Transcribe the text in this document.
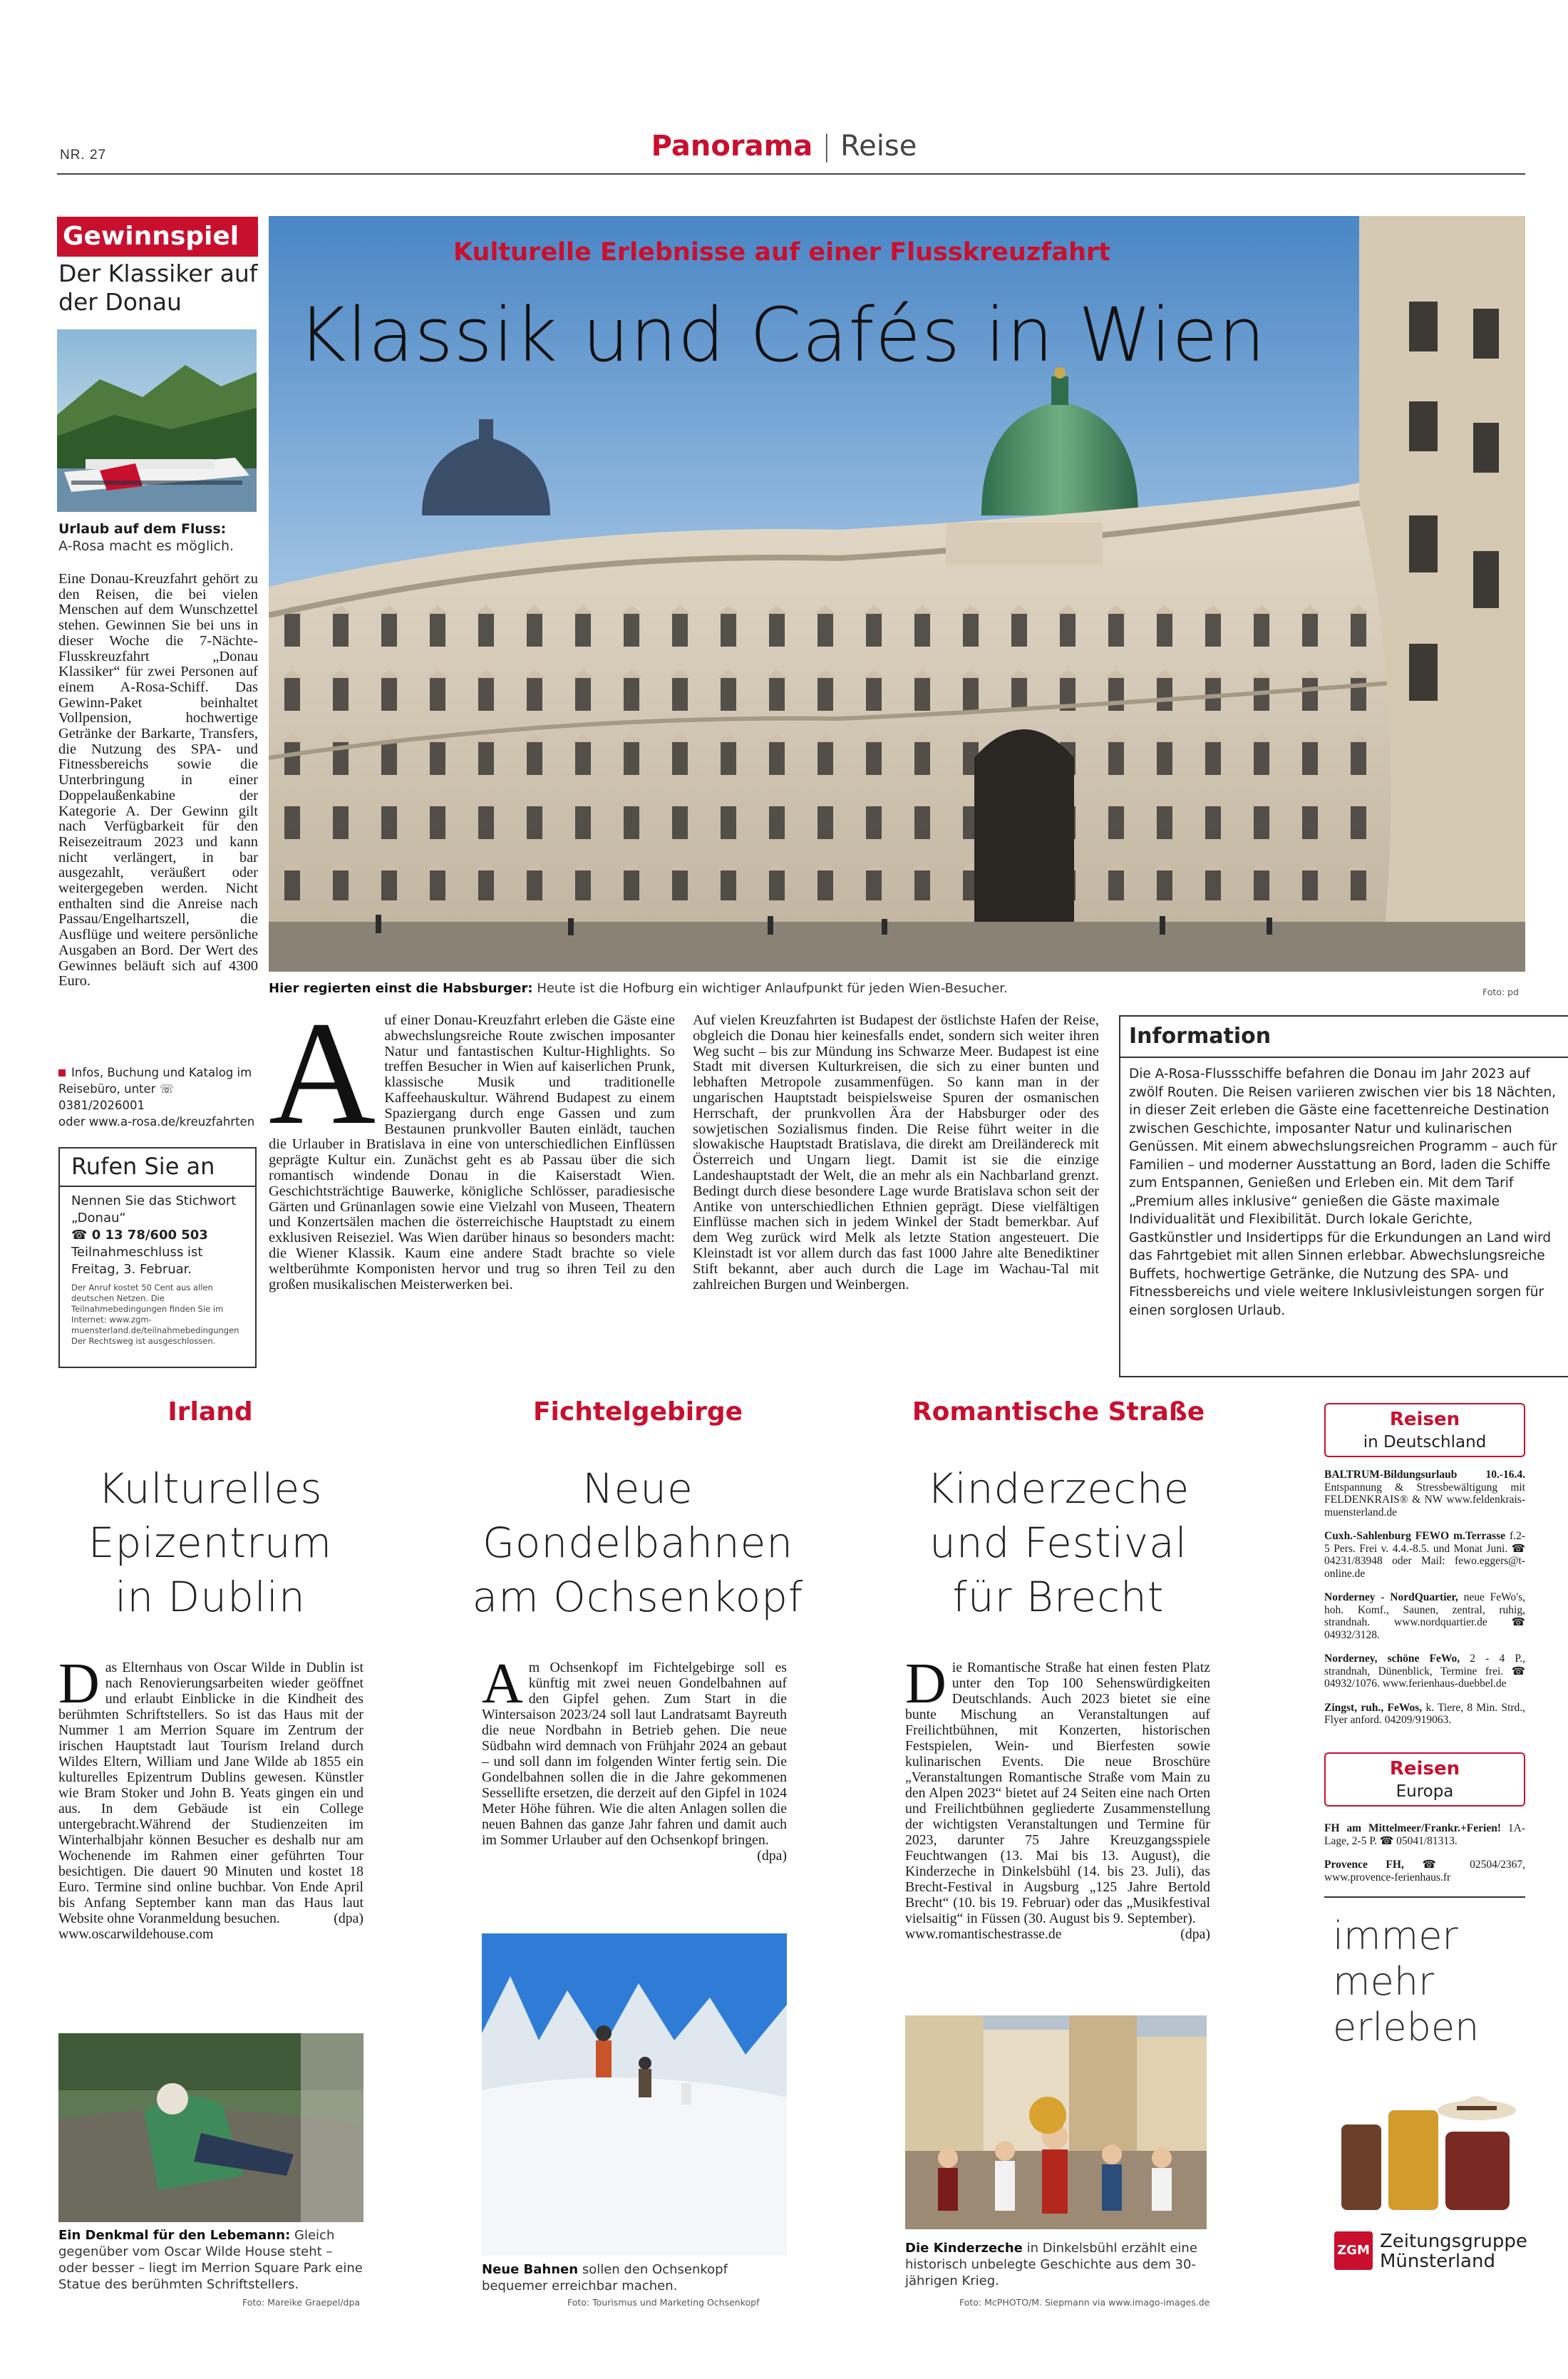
NR. 27	Panorama | Reise
Gewinnspiel
Der Klassiker auf der Donau
Urlaub auf dem Fluss:
A-Rosa macht es möglich.
Eine Donau-Kreuzfahrt gehört zu den Reisen, die bei vielen Menschen auf dem Wunschzettel stehen. Gewinnen Sie bei uns in dieser Woche die 7-Nächte-Flusskreuzfahrt „Donau Klassiker“ für zwei Personen auf einem A-Rosa-Schiff. Das Gewinn-Paket beinhaltet Vollpension, hochwertige Getränke der Barkarte, Transfers, die Nutzung des SPA- und Fitnessbereichs sowie die Unterbringung in einer Doppelaußenkabine der Kategorie A. Der Gewinn gilt nach Verfügbarkeit für den Reisezeitraum 2023 und kann nicht verlängert, in bar ausgezahlt, veräußert oder weitergegeben werden. Nicht enthalten sind die Anreise nach Passau/Engelhartszell, die Ausflüge und weitere persönliche Ausgaben an Bord. Der Wert des Gewinnes beläuft sich auf 4300 Euro.
Infos, Buchung und Katalog im Reisebüro, unter ☏ 0381/2026001
oder www.a-rosa.de/kreuzfahrten
Rufen Sie an
Nennen Sie das Stichwort „Donau“
☎ 0 13 78/600 503
Teilnahmeschluss ist Freitag, 3. Februar.
Der Anruf kostet 50 Cent aus allen deutschen Netzen. Die Teilnahmebedingungen finden Sie im Internet: www.zgm-muensterland.de/teilnahmebedingungen Der Rechtsweg ist ausgeschlossen.
Kulturelle Erlebnisse auf einer Flusskreuzfahrt
Klassik und Cafés in Wien
Hier regierten einst die Habsburger: Heute ist die Hofburg ein wichtiger Anlaufpunkt für jeden Wien-Besucher.	Foto: pd
A uf einer Donau-Kreuzfahrt erleben die Gäste eine abwechslungsreiche Route zwischen imposanter Natur und fantastischen Kultur-Highlights. So treffen Besucher in Wien auf kaiserlichen Prunk, klassische Musik und traditionelle Kaffeehauskultur. Während Budapest zu einem Spaziergang durch enge Gassen und zum Bestaunen prunkvoller Bauten einlädt, tauchen die Urlauber in Bratislava in eine von unterschiedlichen Einflüssen geprägte Kultur ein. Zunächst geht es ab Passau über die sich romantisch windende Donau in die Kaiserstadt Wien. Geschichtsträchtige Bauwerke, königliche Schlösser, paradiesische Gärten und Grünanlagen sowie eine Vielzahl von Museen, Theatern und Konzertsälen machen die österreichische Hauptstadt zu einem exklusiven Reiseziel. Was Wien darüber hinaus so besonders macht: die Wiener Klassik. Kaum eine andere Stadt brachte so viele weltberühmte Komponisten hervor und trug so ihren Teil zu den großen musikalischen Meisterwerken bei.
Auf vielen Kreuzfahrten ist Budapest der östlichste Hafen der Reise, obgleich die Donau hier keinesfalls endet, sondern sich weiter ihren Weg sucht – bis zur Mündung ins Schwarze Meer. Budapest ist eine Stadt mit diversen Kulturkreisen, die sich zu einer bunten und lebhaften Metropole zusammenfügen. So kann man in der ungarischen Hauptstadt beispielsweise Spuren der osmanischen Herrschaft, der prunkvollen Ära der Habsburger oder des sowjetischen Sozialismus finden. Die Reise führt weiter in die slowakische Hauptstadt Bratislava, die direkt am Dreiländereck mit Österreich und Ungarn liegt. Damit ist sie die einzige Landeshauptstadt der Welt, die an mehr als ein Nachbarland grenzt. Bedingt durch diese besondere Lage wurde Bratislava schon seit der Antike von unterschiedlichen Ethnien geprägt. Diese vielfältigen Einflüsse machen sich in jedem Winkel der Stadt bemerkbar. Auf dem Weg zurück wird Melk als letzte Station angesteuert. Die Kleinstadt ist vor allem durch das fast 1000 Jahre alte Benediktiner Stift bekannt, aber auch durch die Lage im Wachau-Tal mit zahlreichen Burgen und Weinbergen.
Information
Die A-Rosa-Flussschiffe befahren die Donau im Jahr 2023 auf zwölf Routen. Die Reisen variieren zwischen vier bis 18 Nächten, in dieser Zeit erleben die Gäste eine facettenreiche Destination zwischen Geschichte, imposanter Natur und kulinarischen Genüssen. Mit einem abwechslungsreichen Programm – auch für Familien – und moderner Ausstattung an Bord, laden die Schiffe zum Entspannen, Genießen und Erleben ein. Mit dem Tarif „Premium alles inklusive“ genießen die Gäste maximale Individualität und Flexibilität. Durch lokale Gerichte, Gastkünstler und Insidertipps für die Erkundungen an Land wird das Fahrtgebiet mit allen Sinnen erlebbar. Abwechslungsreiche Buffets, hochwertige Getränke, die Nutzung des SPA- und Fitnessbereichs und viele weitere Inklusivleistungen sorgen für einen sorglosen Urlaub.
Irland
Kulturelles Epizentrum in Dublin
D as Elternhaus von Oscar Wilde in Dublin ist nach Renovierungsarbeiten wieder geöffnet und erlaubt Einblicke in die Kindheit des berühmten Schriftstellers. So ist das Haus mit der Nummer 1 am Merrion Square im Zentrum der irischen Hauptstadt laut Tourism Ireland durch Wildes Eltern, William und Jane Wilde ab 1855 ein kulturelles Epizentrum Dublins gewesen. Künstler wie Bram Stoker und John B. Yeats gingen ein und aus. In dem Gebäude ist ein College untergebracht.Während der Studienzeiten im Winterhalbjahr können Besucher es deshalb nur am Wochenende im Rahmen einer geführten Tour besichtigen. Die dauert 90 Minuten und kostet 18 Euro. Termine sind online buchbar. Von Ende April bis Anfang September kann man das Haus laut Website ohne Voranmeldung besuchen.	(dpa)

www.oscarwildehouse.com
Ein Denkmal für den Lebemann: Gleich gegenüber vom Oscar Wilde House steht – oder besser – liegt im Merrion Square Park eine Statue des berühmten Schriftstellers.
Foto: Mareike Graepel/dpa
Fichtelgebirge
Neue Gondelbahnen am Ochsenkopf
A m Ochsenkopf im Fichtelgebirge soll es künftig mit zwei neuen Gondelbahnen auf den Gipfel gehen. Zum Start in die Wintersaison 2023/24 soll laut Landratsamt Bayreuth die neue Nordbahn in Betrieb gehen. Die neue Südbahn wird demnach von Frühjahr 2024 an gebaut – und soll dann im folgenden Winter fertig sein. Die Gondelbahnen sollen die in die Jahre gekommenen Sessellifte ersetzen, die derzeit auf den Gipfel in 1024 Meter Höhe führen. Wie die alten Anlagen sollen die neuen Bahnen das ganze Jahr fahren und damit auch im Sommer Urlauber auf den Ochsenkopf bringen.
(dpa)
Neue Bahnen sollen den Ochsenkopf bequemer erreichbar machen.
Foto: Tourismus und Marketing Ochsenkopf
Romantische Straße
Kinderzeche und Festival für Brecht
D ie Romantische Straße hat einen festen Platz unter den Top 100 Sehenswürdigkeiten Deutschlands. Auch 2023 bietet sie eine bunte Mischung an Veranstaltungen auf Freilichtbühnen, mit Konzerten, historischen Festspielen, Wein- und Bierfesten sowie kulinarischen Events. Die neue Broschüre „Veranstaltungen Romantische Straße vom Main zu den Alpen 2023“ bietet auf 24 Seiten eine nach Orten und Freilichtbühnen gegliederte Zusammenstellung der wichtigsten Veranstaltungen und Termine für 2023, darunter 75 Jahre Kreuzgangsspiele Feuchtwangen (13. Mai bis 13. August), die Kinderzeche in Dinkelsbühl (14. bis 23. Juli), das Brecht-Festival in Augsburg „125 Jahre Bertold Brecht“ (10. bis 19. Februar) oder das „Musikfestival vielsaitig“ in Füssen (30. August bis 9. September).
(dpa)

www.romantischestrasse.de
Die Kinderzeche in Dinkelsbühl erzählt eine historisch unbelegte Geschichte aus dem 30-jährigen Krieg.
Foto: McPHOTO/M. Siepmann via www.imago-images.de
Reisen
in Deutschland

BALTRUM-Bildungsurlaub 10.-16.4. Entspannung & Stressbewältigung mit FELDENKRAIS® & NW www.feldenkrais-muensterland.de

Cuxh.-Sahlenburg FEWO m.Terrasse f.2-5 Pers. Frei v. 4.4.-8.5. und Monat Juni. ☎ 04231/83948 oder Mail: fewo.eggers@t-online.de

Norderney - NordQuartier, neue FeWo's, hoh. Komf., Saunen, zentral, ruhig, strandnah. www.nordquartier.de ☎ 04932/3128.

Norderney, schöne FeWo, 2 - 4 P., strandnah, Dünenblick, Termine frei. ☎ 04932/1076. www.ferienhaus-duebbel.de

Zingst, ruh., FeWos, k. Tiere, 8 Min. Strd., Flyer anford. 04209/919063.

Reisen
Europa

FH am Mittelmeer/Frankr.+Ferien! 1A-Lage, 2-5 P. ☎ 05041/81313.

Provence FH, ☎ 02504/2367, www.provence-ferienhaus.fr

immer
mehr
erleben
ZGM Zeitungsgruppe
Münsterland
